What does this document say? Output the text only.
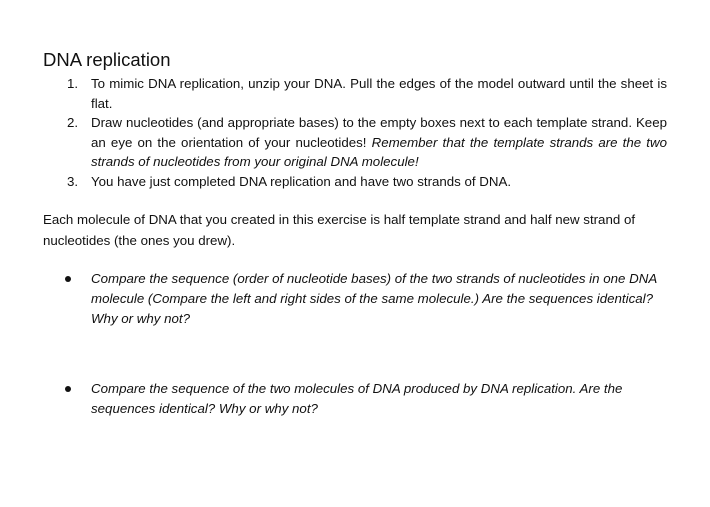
DNA replication
1. To mimic DNA replication, unzip your DNA. Pull the edges of the model outward until the sheet is flat.
2. Draw nucleotides (and appropriate bases) to the empty boxes next to each template strand. Keep an eye on the orientation of your nucleotides! Remember that the template strands are the two strands of nucleotides from your original DNA molecule!
3. You have just completed DNA replication and have two strands of DNA.
Each molecule of DNA that you created in this exercise is half template strand and half new strand of nucleotides (the ones you drew).
Compare the sequence (order of nucleotide bases) of the two strands of nucleotides in one DNA molecule (Compare the left and right sides of the same molecule.) Are the sequences identical? Why or why not?
Compare the sequence of the two molecules of DNA produced by DNA replication. Are the sequences identical? Why or why not?
